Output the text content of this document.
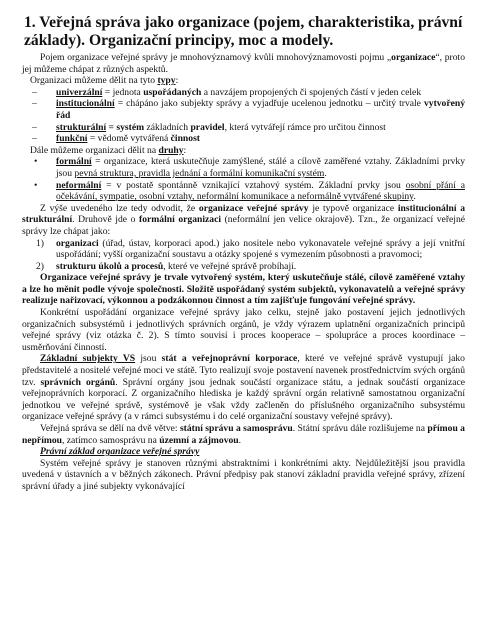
1. Veřejná správa jako organizace (pojem, charakteristika, právní základy). Organizační principy, moc a modely.

Pojem organizace veřejné správy je mnohovýznamový kvůli mnohovýznamovosti pojmu „organizace“, proto jej můžeme chápat z různých aspektů.

Organizaci můžeme dělit na tyto typy:

– univerzální = jednota uspořádaných a navzájem propojených či spojených částí v jeden celek
– institucionální = chápáno jako subjekty správy a vyjadřuje ucelenou jednotku – určitý trvale vytvořený řád
– strukturální = systém základních pravidel, která vytvářejí rámce pro určitou činnost
– funkční = vědomě vytvářená činnost

Dále můžeme organizaci dělit na druhy:

• formální = organizace, která uskutečňuje zamýšlené, stálé a cílově zaměřené vztahy. Základními prvky jsou pevná struktura, pravidla jednání a formální komunikační systém.
• neformální = v postatě spontánně vznikající vztahový systém. Základní prvky jsou osobní přání a očekávání, sympatie, osobní vztahy, neformální komunikace a neformálně vytvářené skupiny.

Z výše uvedeného lze tedy odvodit, že organizace veřejné správy je typově organizace institucionální a strukturální. Druhově jde o formální organizaci (neformální jen velice okrajově). Tzn., že organizací veřejné správy lze chápat jako:

1) organizaci (úřad, ústav, korporaci apod.) jako nositele nebo vykonavatele veřejné správy a její vnitřní uspořádání; vyšší organizační soustavu a otázky spojené s vymezením působnosti a pravomoci;
2) strukturu úkolů a procesů, které ve veřejné správě probíhají.

Organizace veřejné správy je trvale vytvořený systém, který uskutečňuje stálé, cílově zaměřené vztahy a lze ho měnit podle vývoje společnosti. Složitě uspořádaný systém subjektů, vykonavatelů a veřejné správy realizuje nařizovací, výkonnou a podzákonnou činnost a tím zajišťuje fungování veřejné správy.

Konkrétní uspořádání organizace veřejné správy jako celku, stejně jako postavení jejich jednotlivých organizačních subsystémů i jednotlivých správních orgánů, je vždy výrazem uplatnění organizačních principů veřejné správy (viz otázka č. 2). S tímto souvisí i proces kooperace – spolupráce a proces koordinace – usměrňování činností.

Základní subjekty VS jsou stát a veřejnoprávní korporace, které ve veřejné správě vystupují jako představitelé a nositelé veřejné moci ve státě. Tyto realizují svoje postavení navenek prostřednictvím svých orgánů tzv. správních orgánů. Správní orgány jsou jednak součástí organizace státu, a jednak součástí organizace veřejnoprávních korporací. Z organizačního hlediska je každý správní orgán relativně samostatnou organizační jednotkou ve veřejné správě, systémově je však vždy začleněn do příslušného organizačního subsystému organizace veřejné správy (a v rámci subsystému i do celé organizační soustavy veřejné správy).

Veřejná správa se dělí na dvě větve: státní správu a samosprávu. Státní správu dále rozlišujeme na přímou a nepřímou, zatímco samosprávu na územní a zájmovou.

Právní základ organizace veřejné správy

Systém veřejné správy je stanoven různými abstraktními i konkrétními akty. Nejdůležitější jsou pravidla uvedená v ústavních a v běžných zákonech. Právní předpisy pak stanoví základní pravidla veřejné správy, zřízení správní úřady a jiné subjekty vykonávající
